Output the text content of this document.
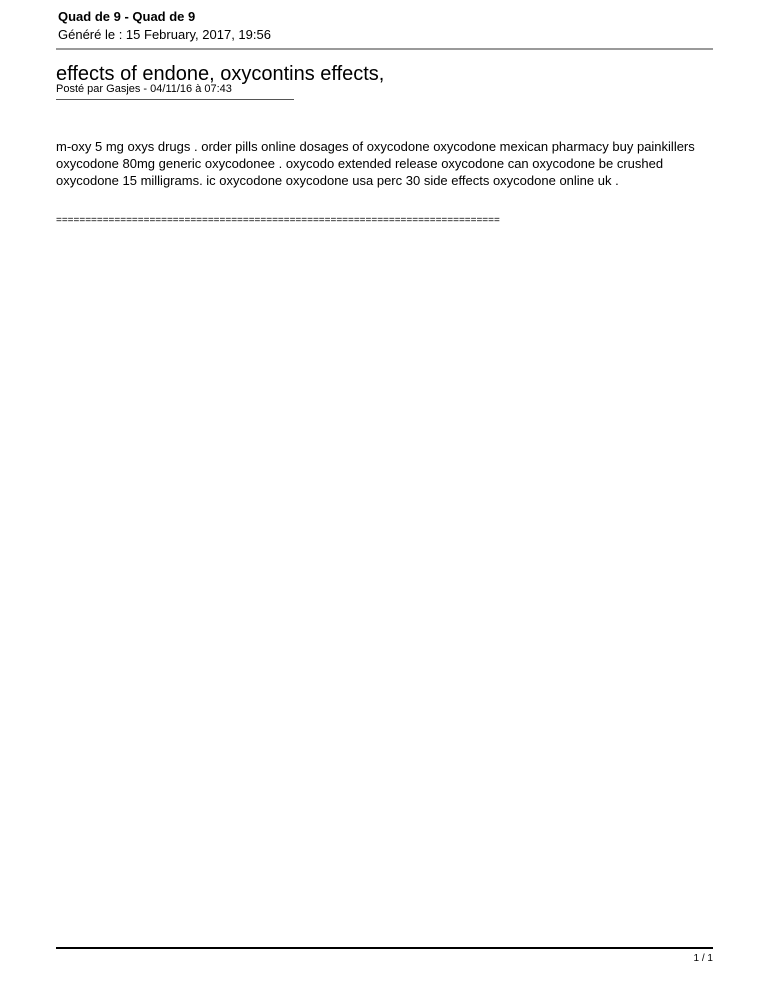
Quad de 9 - Quad de 9

Généré le : 15 February, 2017, 19:56

effects of endone, oxycontins effects,
Posté par Gasjes - 04/11/16 à 07:43

m-oxy 5 mg oxys drugs . order pills online dosages of oxycodone oxycodone mexican pharmacy buy painkillers oxycodone 80mg generic oxycodonee . oxycodo extended release oxycodone can oxycodone be crushed oxycodone 15 milligrams. ic oxycodone oxycodone usa perc 30 side effects oxycodone online uk .

============================================================================
1 / 1
